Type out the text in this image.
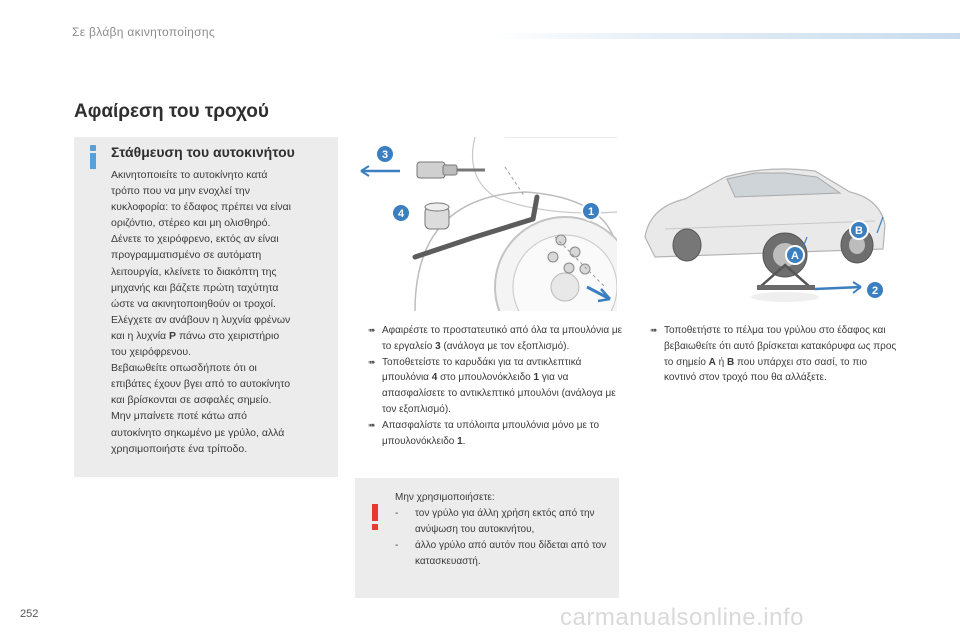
Σε βλάβη ακινητοποίησης
Αφαίρεση του τροχού
Στάθμευση του αυτοκινήτου
Ακινητοποιείτε το αυτοκίνητο κατά
τρόπο που να μην ενοχλεί την
κυκλοφορία: το έδαφος πρέπει να είναι
οριζόντιο, στέρεο και μη ολισθηρό.
Δένετε το χειρόφρενο, εκτός αν είναι
προγραμματισμένο σε αυτόματη
λειτουργία, κλείνετε το διακόπτη της
μηχανής και βάζετε πρώτη ταχύτητα
ώστε να ακινητοποιηθούν οι τροχοί.
Ελέγχετε αν ανάβουν η λυχνία φρένων
και η λυχνία P πάνω στο χειριστήριο
του χειρόφρενου.
Βεβαιωθείτε οπωσδήποτε ότι οι
επιβάτες έχουν βγει από το αυτοκίνητο
και βρίσκονται σε ασφαλές σημείο.
Μην μπαίνετε ποτέ κάτω από
αυτοκίνητο σηκωμένο με γρύλο, αλλά
χρησιμοποιήστε ένα τρίποδο.
3
4	1
A
B
2
➠ Αφαιρέστε το προστατευτικό από όλα τα μπουλόνια με το εργαλείο 3 (ανάλογα με τον εξοπλισμό).
➠ Τοποθετείστε το καρυδάκι για τα αντικλεπτικά μπουλόνια 4 στο μπουλονόκλειδο 1 για να απασφαλίσετε το αντικλεπτικό μπουλόνι (ανάλογα με τον εξοπλισμό).
➠ Απασφαλίστε τα υπόλοιπα μπουλόνια μόνο με το μπουλονόκλειδο 1.
➠ Τοποθετήστε το πέλμα του γρύλου στο έδαφος και βεβαιωθείτε ότι αυτό βρίσκεται κατακόρυφα ως προς το σημείο A ή B που υπάρχει στο σασί, το πιο κοντινό στον τροχό που θα αλλάξετε.
Μην χρησιμοποιήσετε:
- τον γρύλο για άλλη χρήση εκτός από την ανύψωση του αυτοκινήτου,
- άλλο γρύλο από αυτόν που δίδεται από τον κατασκευαστή.
252	carmanualsonline.info
